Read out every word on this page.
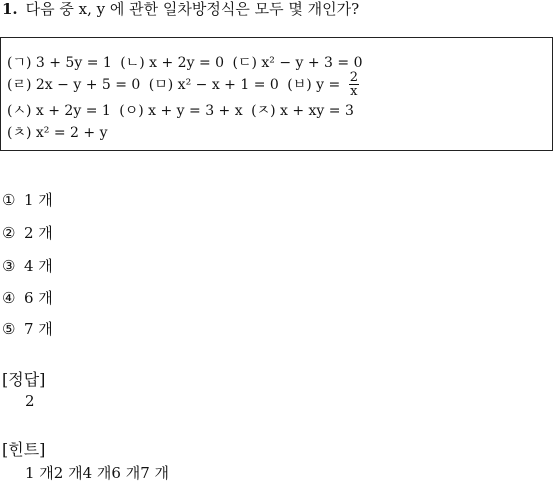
1. 다음 중 x, y 에 관한 일차방정식은 모두 몇 개인가?
(ㄱ) 3 + 5y = 1 (ㄴ) x + 2y = 0 (ㄷ) x² − y + 3 = 0
(ㄹ) 2x − y + 5 = 0 (ㅁ) x² − x + 1 = 0 (ㅂ) $y = \frac{2}{x}$
(ㅅ) x + 2y = 1 (ㅇ) x + y = 3 + x (ㅈ) x + xy = 3
(ㅊ) x² = 2 + y
① 1 개
② 2 개
③ 4 개
④ 6 개
⑤ 7 개
[정답]
2
[힌트]
1 개2 개4 개6 개7 개
